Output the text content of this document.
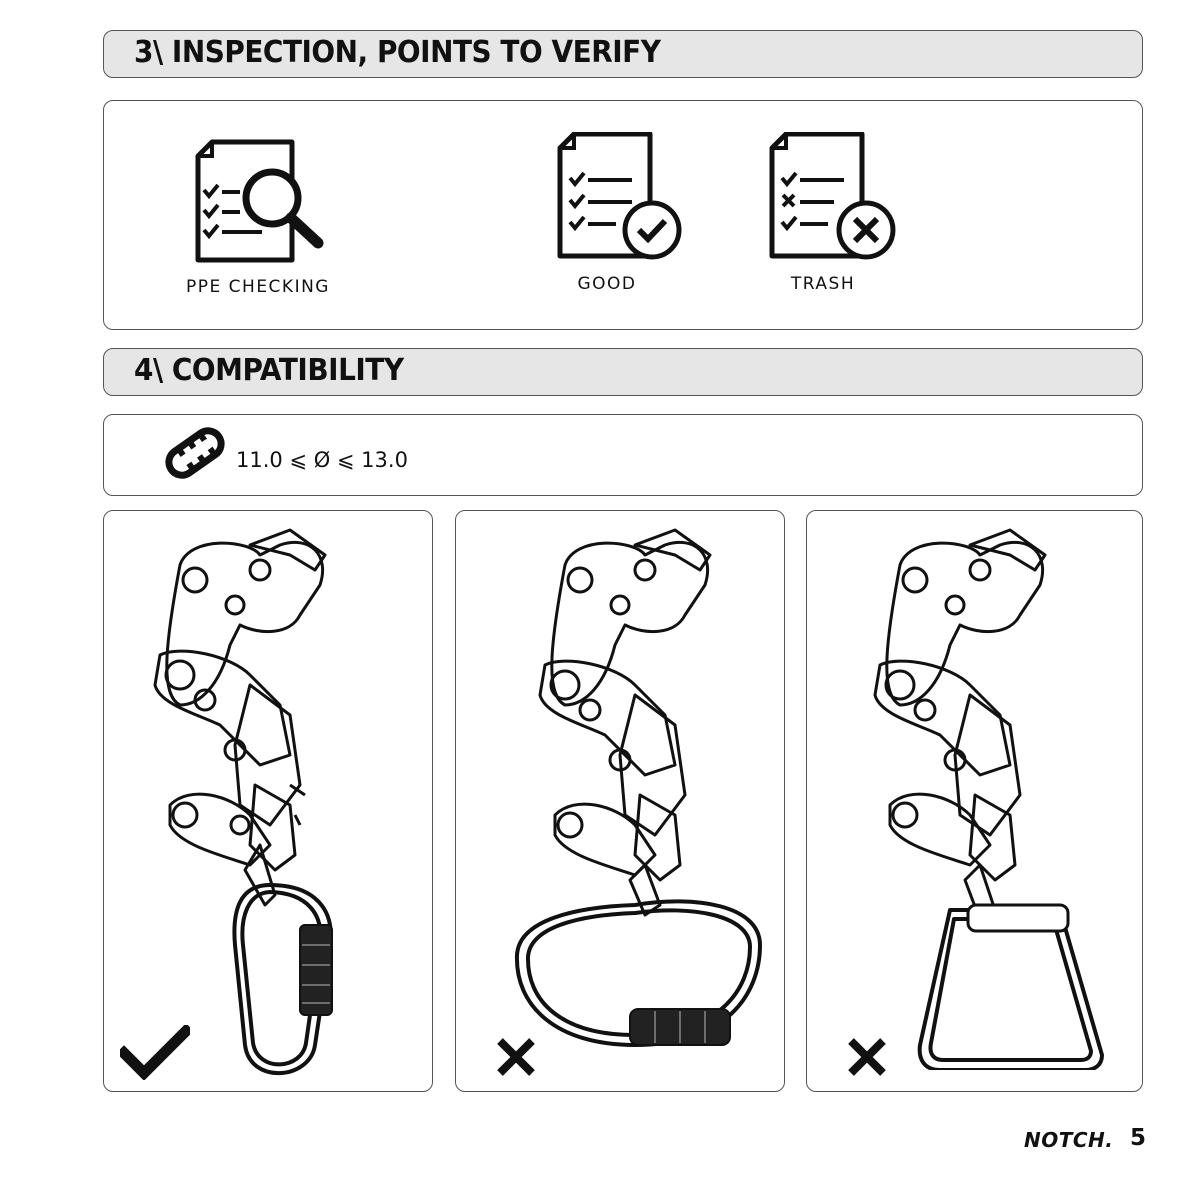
3\ INSPECTION, POINTS TO VERIFY
PPE CHECKING	GOOD	TRASH
4\ COMPATIBILITY
11.0 ⩽ Ø ⩽ 13.0
NOTCH. 5
